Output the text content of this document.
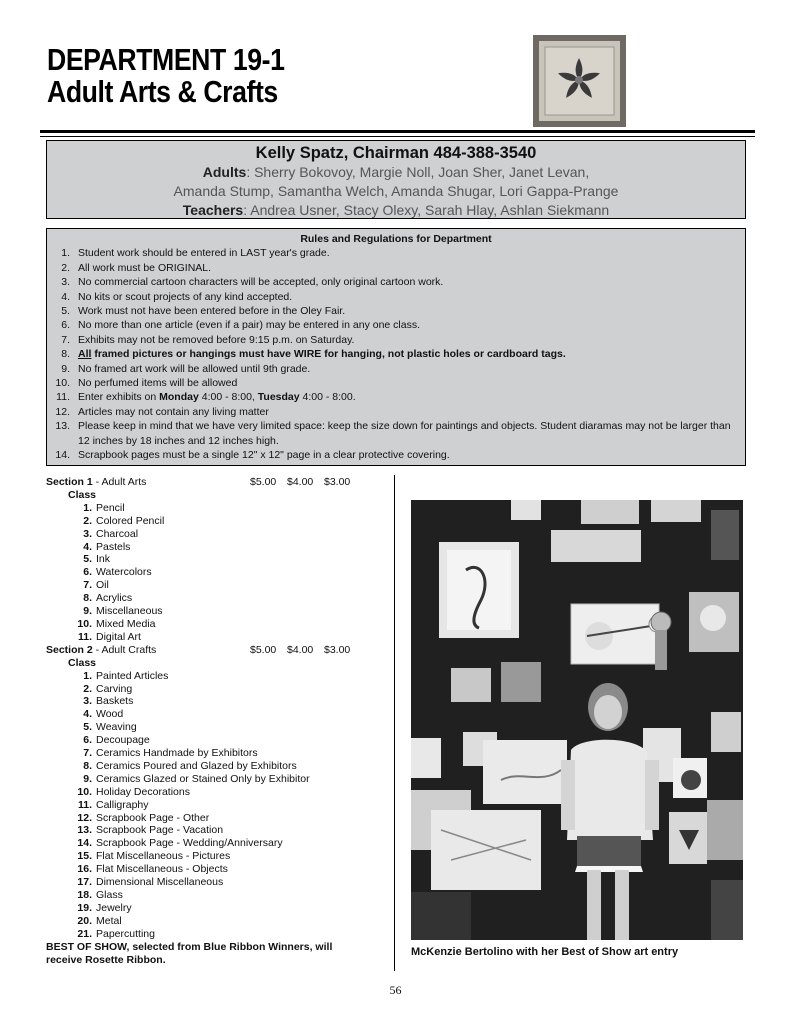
DEPARTMENT 19-1
Adult Arts & Crafts
Kelly Spatz, Chairman 484-388-3540
Adults: Sherry Bokovoy, Margie Noll, Joan Sher, Janet Levan,
Amanda Stump, Samantha Welch, Amanda Shugar, Lori Gappa-Prange
Teachers: Andrea Usner, Stacy Olexy, Sarah Hlay, Ashlan Siekmann
Rules and Regulations for Department
1. Student work should be entered in LAST year's grade.
2. All work must be ORIGINAL.
3. No commercial cartoon characters will be accepted, only original cartoon work.
4. No kits or scout projects of any kind accepted.
5. Work must not have been entered before in the Oley Fair.
6. No more than one article (even if a pair) may be entered in any one class.
7. Exhibits may not be removed before 9:15 p.m. on Saturday.
8. All framed pictures or hangings must have WIRE for hanging, not plastic holes or cardboard tags.
9. No framed art work will be allowed until 9th grade.
10. No perfumed items will be allowed
11. Enter exhibits on Monday 4:00 - 8:00, Tuesday 4:00 - 8:00.
12. Articles may not contain any living matter
13. Please keep in mind that we have very limited space: keep the size down for paintings and objects. Student diaramas may not be larger than 12 inches by 18 inches and 12 inches high.
14. Scrapbook pages must be a single 12" x 12" page in a clear protective covering.
Section 1 - Adult Arts	$5.00	$4.00	$3.00
Class
1. Pencil
2. Colored Pencil
3. Charcoal
4. Pastels
5. Ink
6. Watercolors
7. Oil
8. Acrylics
9. Miscellaneous
10. Mixed Media
11. Digital Art
Section 2 - Adult Crafts	$5.00	$4.00	$3.00
Class
1. Painted Articles
2. Carving
3. Baskets
4. Wood
5. Weaving
6. Decoupage
7. Ceramics Handmade by Exhibitors
8. Ceramics Poured and Glazed by Exhibitors
9. Ceramics Glazed or Stained Only by Exhibitor
10. Holiday Decorations
11. Calligraphy
12. Scrapbook Page - Other
13. Scrapbook Page - Vacation
14. Scrapbook Page - Wedding/Anniversary
15. Flat Miscellaneous - Pictures
16. Flat Miscellaneous - Objects
17. Dimensional Miscellaneous
18. Glass
19. Jewelry
20. Metal
21. Papercutting
BEST OF SHOW, selected from Blue Ribbon Winners, will
receive Rosette Ribbon.
McKenzie Bertolino with her Best of Show art entry
56
